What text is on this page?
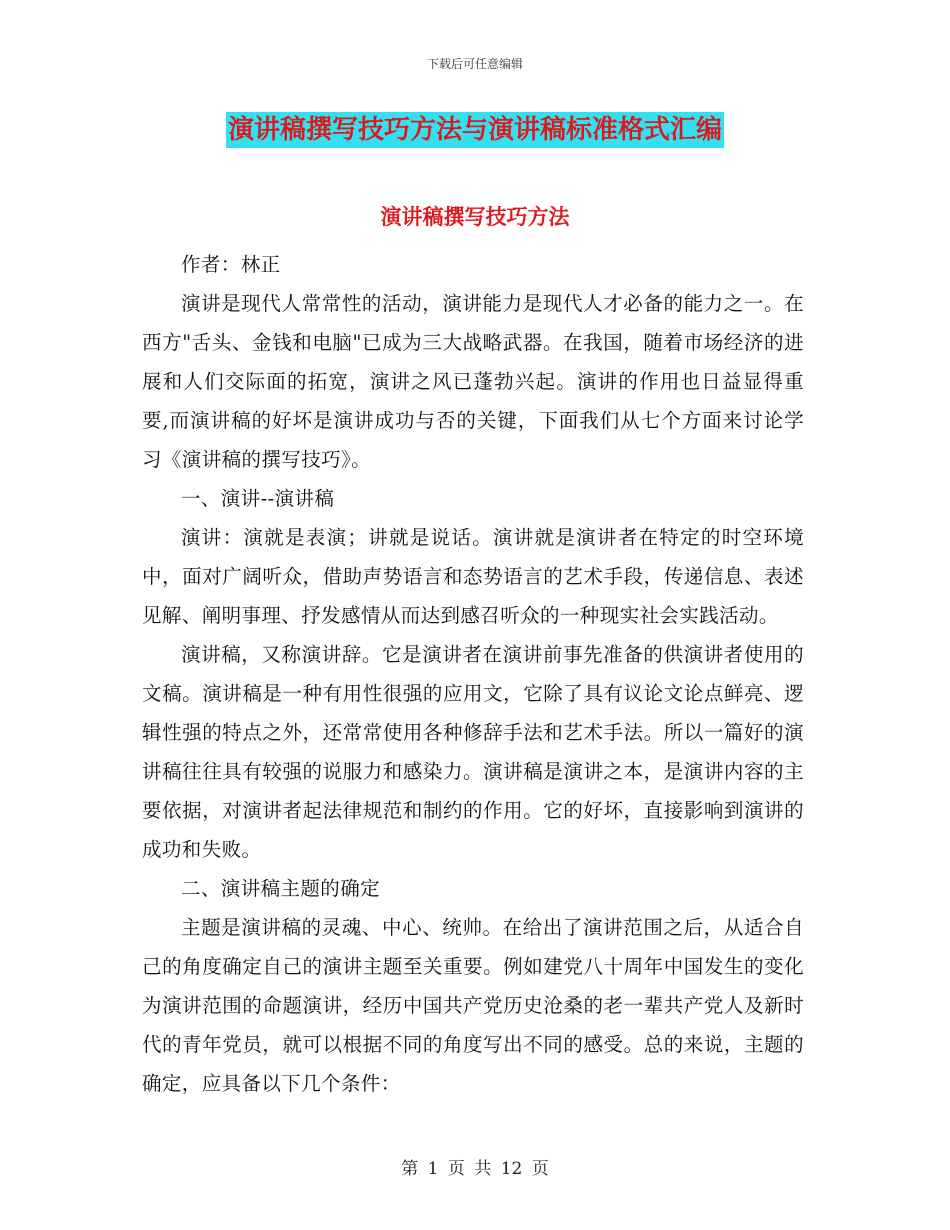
下载后可任意编辑
演讲稿撰写技巧方法与演讲稿标准格式汇编
演讲稿撰写技巧方法

作者：林正

演讲是现代人常常性的活动，演讲能力是现代人才必备的能力之一。在西方"舌头、金钱和电脑"已成为三大战略武器。在我国，随着市场经济的进展和人们交际面的拓宽，演讲之风已蓬勃兴起。演讲的作用也日益显得重要,而演讲稿的好坏是演讲成功与否的关键，下面我们从七个方面来讨论学习《演讲稿的撰写技巧》。

一、演讲--演讲稿

演讲：演就是表演；讲就是说话。演讲就是演讲者在特定的时空环境中，面对广阔听众，借助声势语言和态势语言的艺术手段，传递信息、表述见解、阐明事理、抒发感情从而达到感召听众的一种现实社会实践活动。

演讲稿，又称演讲辞。它是演讲者在演讲前事先准备的供演讲者使用的文稿。演讲稿是一种有用性很强的应用文，它除了具有议论文论点鲜亮、逻辑性强的特点之外，还常常使用各种修辞手法和艺术手法。所以一篇好的演讲稿往往具有较强的说服力和感染力。演讲稿是演讲之本，是演讲内容的主要依据，对演讲者起法律规范和制约的作用。它的好坏，直接影响到演讲的成功和失败。

二、演讲稿主题的确定

主题是演讲稿的灵魂、中心、统帅。在给出了演讲范围之后，从适合自己的角度确定自己的演讲主题至关重要。例如建党八十周年中国发生的变化为演讲范围的命题演讲，经历中国共产党历史沧桑的老一辈共产党人及新时代的青年党员，就可以根据不同的角度写出不同的感受。总的来说，主题的确定，应具备以下几个条件：

第 1 页 共 12 页
